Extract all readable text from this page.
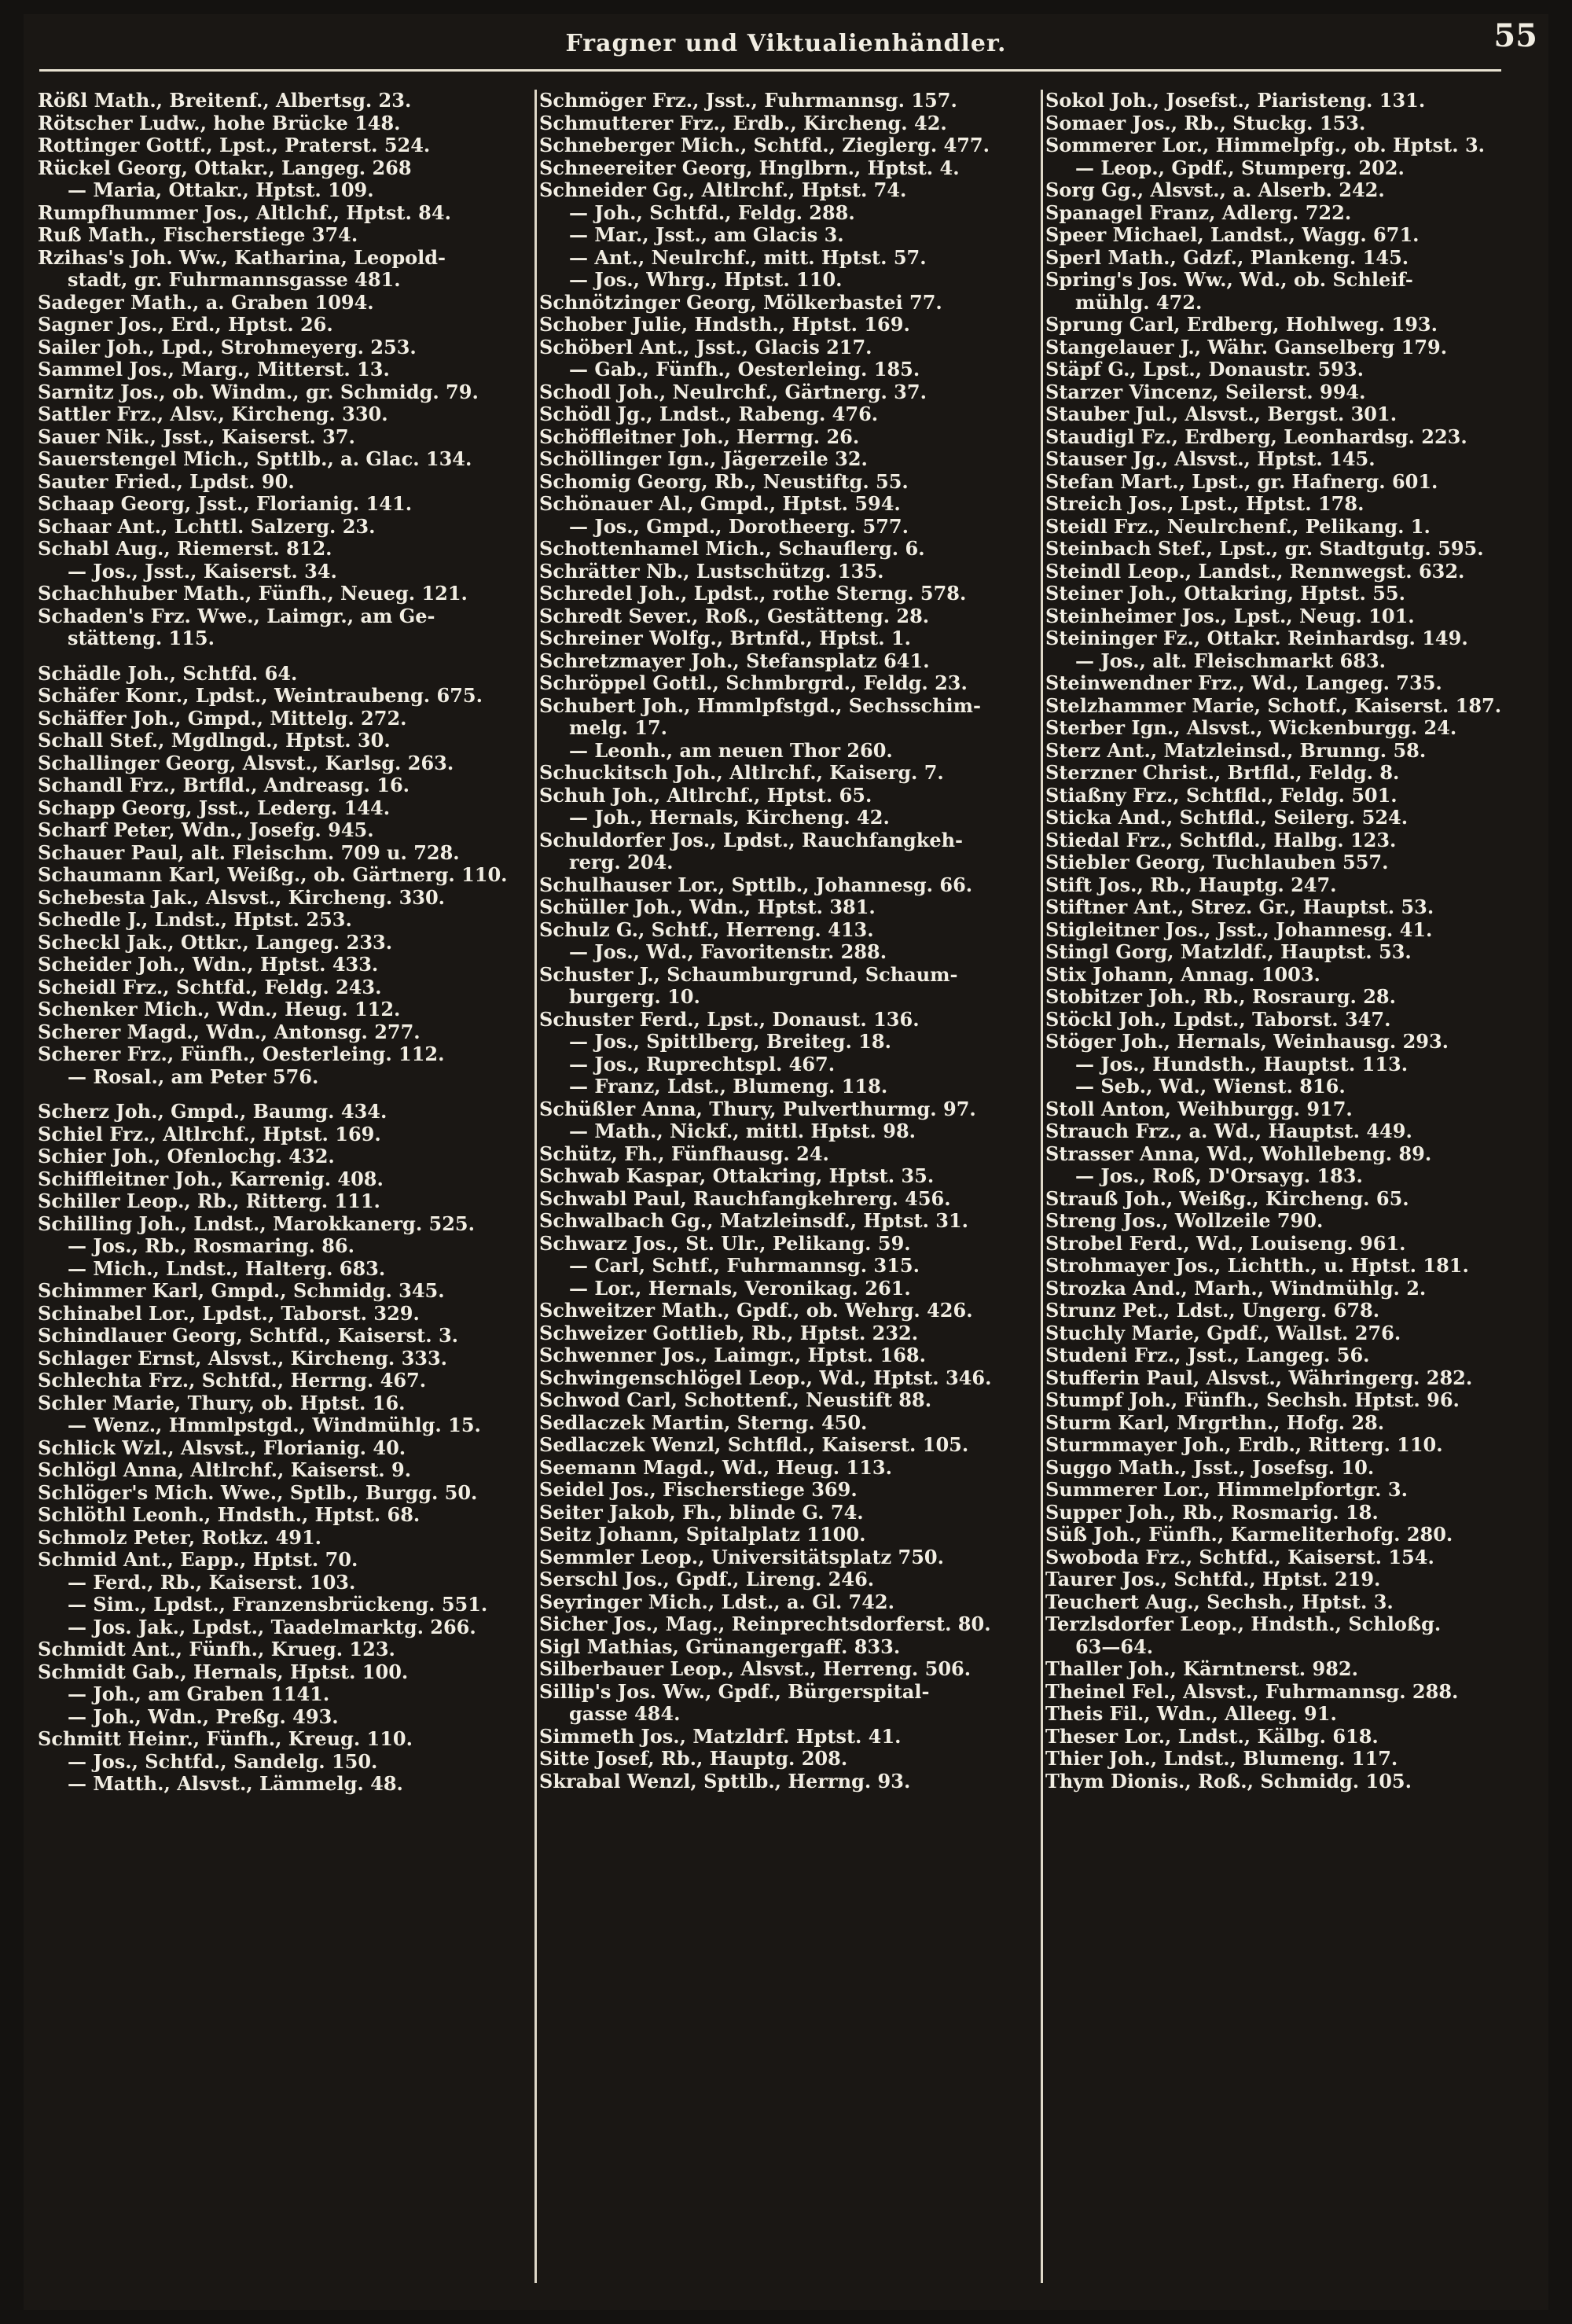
Fragner und Viktualienhändler.	55
Rößl Math., Breitenf., Albertsg. 23.
Rötscher Ludw., hohe Brücke 148.
Rottinger Gottf., Lpst., Praterst. 524.
Rückel Georg, Ottakr., Langeg. 268
— Maria, Ottakr., Hptst. 109.
Rumpfhummer Jos., Altlchf., Hptst. 84.
Ruß Math., Fischerstiege 374.
Rzihas's Joh. Ww., Katharina, Leopold-
stadt, gr. Fuhrmannsgasse 481.
Sadeger Math., a. Graben 1094.
Sagner Jos., Erd., Hptst. 26.
Sailer Joh., Lpd., Strohmeyerg. 253.
Sammel Jos., Marg., Mitterst. 13.
Sarnitz Jos., ob. Windm., gr. Schmidg. 79.
Sattler Frz., Alsv., Kircheng. 330.
Sauer Nik., Jsst., Kaiserst. 37.
Sauerstengel Mich., Spttlb., a. Glac. 134.
Sauter Fried., Lpdst. 90.
Schaap Georg, Jsst., Florianig. 141.
Schaar Ant., Lchttl. Salzerg. 23.
Schabl Aug., Riemerst. 812.
— Jos., Jsst., Kaiserst. 34.
Schachhuber Math., Fünfh., Neueg. 121.
Schaden's Frz. Wwe., Laimgr., am Ge-
stätteng. 115.
Schädle Joh., Schtfd. 64.
Schäfer Konr., Lpdst., Weintraubeng. 675.
Schäffer Joh., Gmpd., Mittelg. 272.
Schall Stef., Mgdlngd., Hptst. 30.
Schallinger Georg, Alsvst., Karlsg. 263.
Schandl Frz., Brtfld., Andreasg. 16.
Schapp Georg, Jsst., Lederg. 144.
Scharf Peter, Wdn., Josefg. 945.
Schauer Paul, alt. Fleischm. 709 u. 728.
Schaumann Karl, Weißg., ob. Gärtnerg. 110.
Schebesta Jak., Alsvst., Kircheng. 330.
Schedle J., Lndst., Hptst. 253.
Scheckl Jak., Ottkr., Langeg. 233.
Scheider Joh., Wdn., Hptst. 433.
Scheidl Frz., Schtfd., Feldg. 243.
Schenker Mich., Wdn., Heug. 112.
Scherer Magd., Wdn., Antonsg. 277.
Scherer Frz., Fünfh., Oesterleing. 112.
— Rosal., am Peter 576.
Scherz Joh., Gmpd., Baumg. 434.
Schiel Frz., Altlrchf., Hptst. 169.
Schier Joh., Ofenlochg. 432.
Schiffleitner Joh., Karrenig. 408.
Schiller Leop., Rb., Ritterg. 111.
Schilling Joh., Lndst., Marokkanerg. 525.
— Jos., Rb., Rosmaring. 86.
— Mich., Lndst., Halterg. 683.
Schimmer Karl, Gmpd., Schmidg. 345.
Schinabel Lor., Lpdst., Taborst. 329.
Schindlauer Georg, Schtfd., Kaiserst. 3.
Schlager Ernst, Alsvst., Kircheng. 333.
Schlechta Frz., Schtfd., Herrng. 467.
Schler Marie, Thury, ob. Hptst. 16.
— Wenz., Hmmlpstgd., Windmühlg. 15.
Schlick Wzl., Alsvst., Florianig. 40.
Schlögl Anna, Altlrchf., Kaiserst. 9.
Schlöger's Mich. Wwe., Sptlb., Burgg. 50.
Schlöthl Leonh., Hndsth., Hptst. 68.
Schmolz Peter, Rotkz. 491.
Schmid Ant., Eapp., Hptst. 70.
— Ferd., Rb., Kaiserst. 103.
— Sim., Lpdst., Franzensbrückeng. 551.
— Jos. Jak., Lpdst., Taadelmarktg. 266.
Schmidt Ant., Fünfh., Krueg. 123.
Schmidt Gab., Hernals, Hptst. 100.
— Joh., am Graben 1141.
— Joh., Wdn., Preßg. 493.
Schmitt Heinr., Fünfh., Kreug. 110.
— Jos., Schtfd., Sandelg. 150.
— Matth., Alsvst., Lämmelg. 48.
Schmöger Frz., Jsst., Fuhrmannsg. 157.
Schmutterer Frz., Erdb., Kircheng. 42.
Schneberger Mich., Schtfd., Zieglerg. 477.
Schneereiter Georg, Hnglbrn., Hptst. 4.
Schneider Gg., Altlrchf., Hptst. 74.
— Joh., Schtfd., Feldg. 288.
— Mar., Jsst., am Glacis 3.
— Ant., Neulrchf., mitt. Hptst. 57.
— Jos., Whrg., Hptst. 110.
Schnötzinger Georg, Mölkerbastei 77.
Schober Julie, Hndsth., Hptst. 169.
Schöberl Ant., Jsst., Glacis 217.
— Gab., Fünfh., Oesterleing. 185.
Schodl Joh., Neulrchf., Gärtnerg. 37.
Schödl Jg., Lndst., Rabeng. 476.
Schöffleitner Joh., Herrng. 26.
Schöllinger Ign., Jägerzeile 32.
Schomig Georg, Rb., Neustiftg. 55.
Schönauer Al., Gmpd., Hptst. 594.
— Jos., Gmpd., Dorotheerg. 577.
Schottenhamel Mich., Schauflerg. 6.
Schrätter Nb., Lustschützg. 135.
Schredel Joh., Lpdst., rothe Sterng. 578.
Schredt Sever., Roß., Gestätteng. 28.
Schreiner Wolfg., Brtnfd., Hptst. 1.
Schretzmayer Joh., Stefansplatz 641.
Schröppel Gottl., Schmbrgrd., Feldg. 23.
Schubert Joh., Hmmlpfstgd., Sechsschim-
melg. 17.
— Leonh., am neuen Thor 260.
Schuckitsch Joh., Altlrchf., Kaiserg. 7.
Schuh Joh., Altlrchf., Hptst. 65.
— Joh., Hernals, Kircheng. 42.
Schuldorfer Jos., Lpdst., Rauchfangkeh-
rerg. 204.
Schulhauser Lor., Spttlb., Johannesg. 66.
Schüller Joh., Wdn., Hptst. 381.
Schulz G., Schtf., Herreng. 413.
— Jos., Wd., Favoritenstr. 288.
Schuster J., Schaumburgrund, Schaum-
burgerg. 10.
Schuster Ferd., Lpst., Donaust. 136.
— Jos., Spittlberg, Breiteg. 18.
— Jos., Ruprechtspl. 467.
— Franz, Ldst., Blumeng. 118.
Schüßler Anna, Thury, Pulverthurmg. 97.
— Math., Nickf., mittl. Hptst. 98.
Schütz, Fh., Fünfhausg. 24.
Schwab Kaspar, Ottakring, Hptst. 35.
Schwabl Paul, Rauchfangkehrerg. 456.
Schwalbach Gg., Matzleinsdf., Hptst. 31.
Schwarz Jos., St. Ulr., Pelikang. 59.
— Carl, Schtf., Fuhrmannsg. 315.
— Lor., Hernals, Veronikag. 261.
Schweitzer Math., Gpdf., ob. Wehrg. 426.
Schweizer Gottlieb, Rb., Hptst. 232.
Schwenner Jos., Laimgr., Hptst. 168.
Schwingenschlögel Leop., Wd., Hptst. 346.
Schwod Carl, Schottenf., Neustift 88.
Sedlaczek Martin, Sterng. 450.
Sedlaczek Wenzl, Schtfld., Kaiserst. 105.
Seemann Magd., Wd., Heug. 113.
Seidel Jos., Fischerstiege 369.
Seiter Jakob, Fh., blinde G. 74.
Seitz Johann, Spitalplatz 1100.
Semmler Leop., Universitätsplatz 750.
Serschl Jos., Gpdf., Lireng. 246.
Seyringer Mich., Ldst., a. Gl. 742.
Sicher Jos., Mag., Reinprechtsdorferst. 80.
Sigl Mathias, Grünangergaff. 833.
Silberbauer Leop., Alsvst., Herreng. 506.
Sillip's Jos. Ww., Gpdf., Bürgerspital-
gasse 484.
Simmeth Jos., Matzldrf. Hptst. 41.
Sitte Josef, Rb., Hauptg. 208.
Skrabal Wenzl, Spttlb., Herrng. 93.
Sokol Joh., Josefst., Piaristeng. 131.
Somaer Jos., Rb., Stuckg. 153.
Sommerer Lor., Himmelpfg., ob. Hptst. 3.
— Leop., Gpdf., Stumperg. 202.
Sorg Gg., Alsvst., a. Alserb. 242.
Spanagel Franz, Adlerg. 722.
Speer Michael, Landst., Wagg. 671.
Sperl Math., Gdzf., Plankeng. 145.
Spring's Jos. Ww., Wd., ob. Schleif-
mühlg. 472.
Sprung Carl, Erdberg, Hohlweg. 193.
Stangelauer J., Währ. Ganselberg 179.
Stäpf G., Lpst., Donaustr. 593.
Starzer Vincenz, Seilerst. 994.
Stauber Jul., Alsvst., Bergst. 301.
Staudigl Fz., Erdberg, Leonhardsg. 223.
Stauser Jg., Alsvst., Hptst. 145.
Stefan Mart., Lpst., gr. Hafnerg. 601.
Streich Jos., Lpst., Hptst. 178.
Steidl Frz., Neulrchenf., Pelikang. 1.
Steinbach Stef., Lpst., gr. Stadtgutg. 595.
Steindl Leop., Landst., Rennwegst. 632.
Steiner Joh., Ottakring, Hptst. 55.
Steinheimer Jos., Lpst., Neug. 101.
Steininger Fz., Ottakr. Reinhardsg. 149.
— Jos., alt. Fleischmarkt 683.
Steinwendner Frz., Wd., Langeg. 735.
Stelzhammer Marie, Schotf., Kaiserst. 187.
Sterber Ign., Alsvst., Wickenburgg. 24.
Sterz Ant., Matzleinsd., Brunng. 58.
Sterzner Christ., Brtfld., Feldg. 8.
Stiaßny Frz., Schtfld., Feldg. 501.
Sticka And., Schtfld., Seilerg. 524.
Stiedal Frz., Schtfld., Halbg. 123.
Stiebler Georg, Tuchlauben 557.
Stift Jos., Rb., Hauptg. 247.
Stiftner Ant., Strez. Gr., Hauptst. 53.
Stigleitner Jos., Jsst., Johannesg. 41.
Stingl Gorg, Matzldf., Hauptst. 53.
Stix Johann, Annag. 1003.
Stobitzer Joh., Rb., Rosraurg. 28.
Stöckl Joh., Lpdst., Taborst. 347.
Stöger Joh., Hernals, Weinhausg. 293.
— Jos., Hundsth., Hauptst. 113.
— Seb., Wd., Wienst. 816.
Stoll Anton, Weihburgg. 917.
Strauch Frz., a. Wd., Hauptst. 449.
Strasser Anna, Wd., Wohllebeng. 89.
— Jos., Roß, D'Orsayg. 183.
Strauß Joh., Weißg., Kircheng. 65.
Streng Jos., Wollzeile 790.
Strobel Ferd., Wd., Louiseng. 961.
Strohmayer Jos., Lichtth., u. Hptst. 181.
Strozka And., Marh., Windmühlg. 2.
Strunz Pet., Ldst., Ungerg. 678.
Stuchly Marie, Gpdf., Wallst. 276.
Studeni Frz., Jsst., Langeg. 56.
Stufferin Paul, Alsvst., Währingerg. 282.
Stumpf Joh., Fünfh., Sechsh. Hptst. 96.
Sturm Karl, Mrgrthn., Hofg. 28.
Sturmmayer Joh., Erdb., Ritterg. 110.
Suggo Math., Jsst., Josefsg. 10.
Summerer Lor., Himmelpfortgr. 3.
Supper Joh., Rb., Rosmarig. 18.
Süß Joh., Fünfh., Karmeliterhofg. 280.
Swoboda Frz., Schtfd., Kaiserst. 154.
Taurer Jos., Schtfd., Hptst. 219.
Teuchert Aug., Sechsh., Hptst. 3.
Terzlsdorfer Leop., Hndsth., Schloßg.
63—64.
Thaller Joh., Kärntnerst. 982.
Theinel Fel., Alsvst., Fuhrmannsg. 288.
Theis Fil., Wdn., Alleeg. 91.
Theser Lor., Lndst., Kälbg. 618.
Thier Joh., Lndst., Blumeng. 117.
Thym Dionis., Roß., Schmidg. 105.
